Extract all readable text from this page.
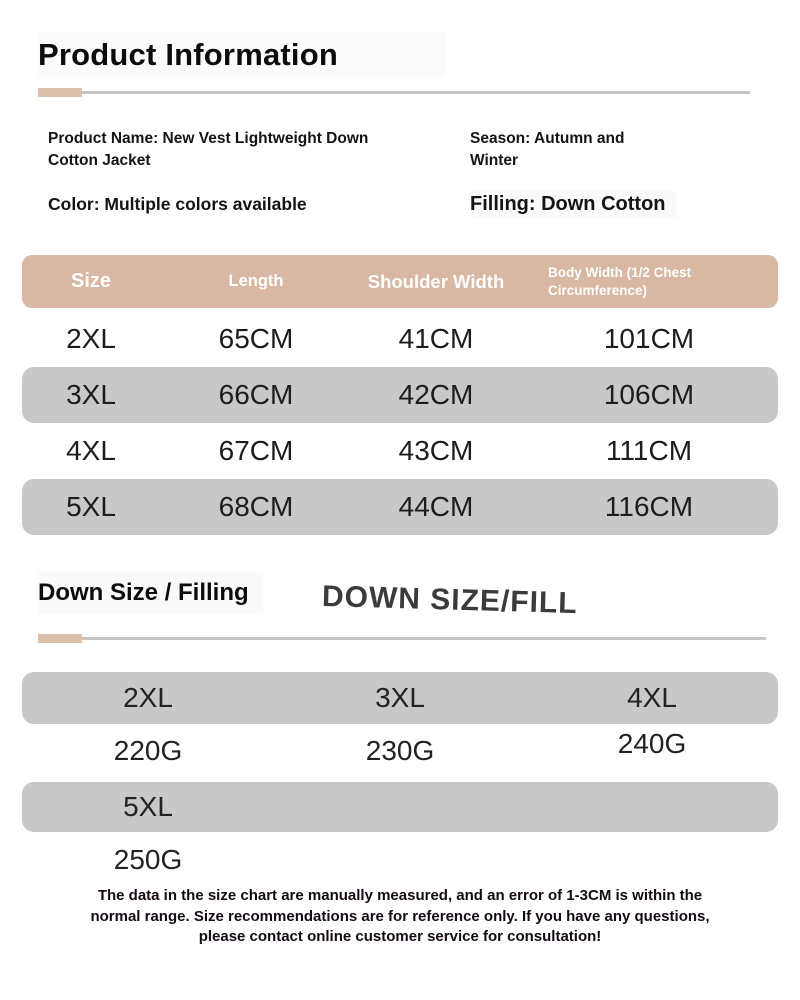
Product Information
Product Name: New Vest Lightweight Down Cotton Jacket
Season: Autumn and Winter
Color: Multiple colors available	Filling: Down Cotton
Size	Length	Shoulder Width	Body Width (1/2 Chest Circumference)
2XL	65CM	41CM	101CM
3XL	66CM	42CM	106CM
4XL	67CM	43CM	111CM
5XL	68CM	44CM	116CM
Down Size / Filling	DOWN SIZE/FILL
2XL	3XL	4XL
220G	230G	240G
5XL
250G
The data in the size chart are manually measured, and an error of 1-3CM is within the normal range. Size recommendations are for reference only. If you have any questions, please contact online customer service for consultation!
